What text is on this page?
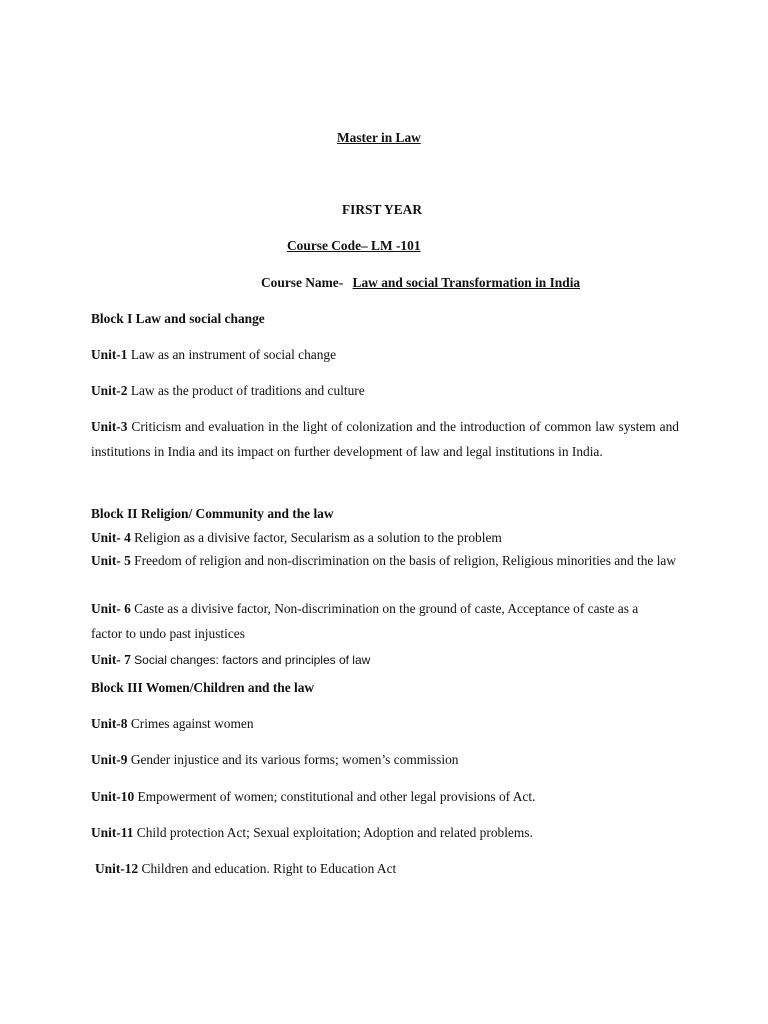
Master in Law
FIRST YEAR
Course Code– LM -101
Course Name- Law and social Transformation in India
Block I Law and social change
Unit-1 Law as an instrument of social change
Unit-2 Law as the product of traditions and culture
Unit-3 Criticism and evaluation in the light of colonization and the introduction of common law system and institutions in India and its impact on further development of law and legal institutions in India.
Block II Religion/ Community and the law
Unit- 4 Religion as a divisive factor, Secularism as a solution to the problem
Unit- 5 Freedom of religion and non-discrimination on the basis of religion, Religious minorities and the law
Unit- 6 Caste as a divisive factor, Non-discrimination on the ground of caste, Acceptance of caste as a factor to undo past injustices
Unit- 7 Social changes: factors and principles of law
Block III Women/Children and the law
Unit-8 Crimes against women
Unit-9 Gender injustice and its various forms; women’s commission
Unit-10 Empowerment of women; constitutional and other legal provisions of Act.
Unit-11 Child protection Act; Sexual exploitation; Adoption and related problems.
Unit-12 Children and education. Right to Education Act
